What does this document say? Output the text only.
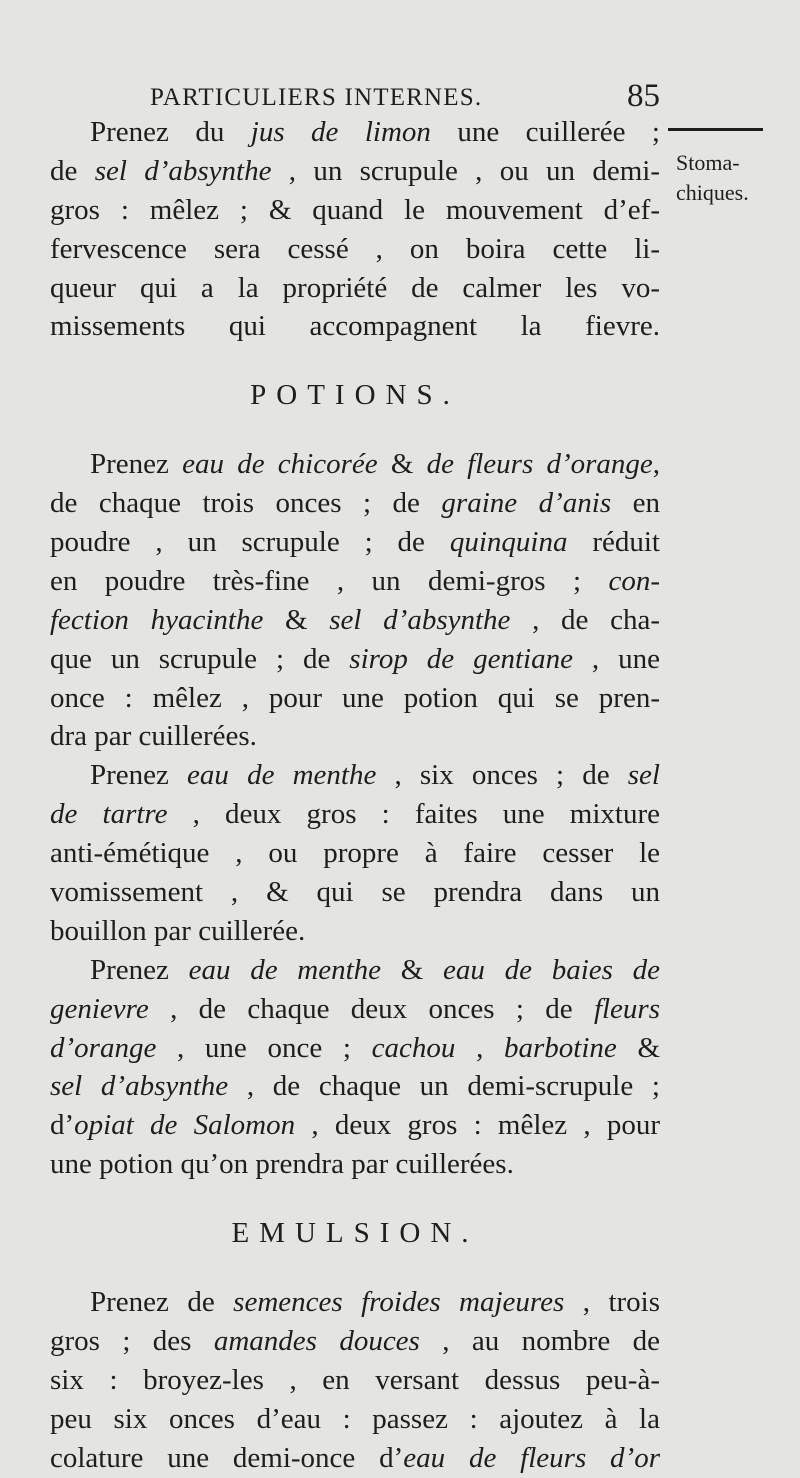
PARTICULIERS INTERNES.	85
Stoma-
chiques.
Prenez du jus de limon une cuillerée ;
de sel d’absynthe , un scrupule , ou un demi-
gros : mêlez ; & quand le mouvement d’ef-
fervescence sera cessé , on boira cette li-
queur qui a la propriété de calmer les vo-
missements qui accompagnent la fievre.
POTIONS.
Prenez eau de chicorée & de fleurs d’orange,
de chaque trois onces ; de graine d’anis en
poudre , un scrupule ; de quinquina réduit
en poudre très-fine , un demi-gros ; con-
fection hyacinthe & sel d’absynthe , de cha-
que un scrupule ; de sirop de gentiane , une
once : mêlez , pour une potion qui se pren-
dra par cuillerées.
Prenez eau de menthe , six onces ; de sel
de tartre , deux gros : faites une mixture
anti-émétique , ou propre à faire cesser le
vomissement , & qui se prendra dans un
bouillon par cuillerée.
Prenez eau de menthe & eau de baies de
genievre , de chaque deux onces ; de fleurs
d’orange , une once ; cachou , barbotine &
sel d’absynthe , de chaque un demi-scrupule ;
d’opiat de Salomon , deux gros : mêlez , pour
une potion qu’on prendra par cuillerées.
EMULSION.
Prenez de semences froides majeures , trois
gros ; des amandes douces , au nombre de
six : broyez-les , en versant dessus peu-à-
peu six onces d’eau : passez : ajoutez à la
colature une demi-once d’eau de fleurs d’or
